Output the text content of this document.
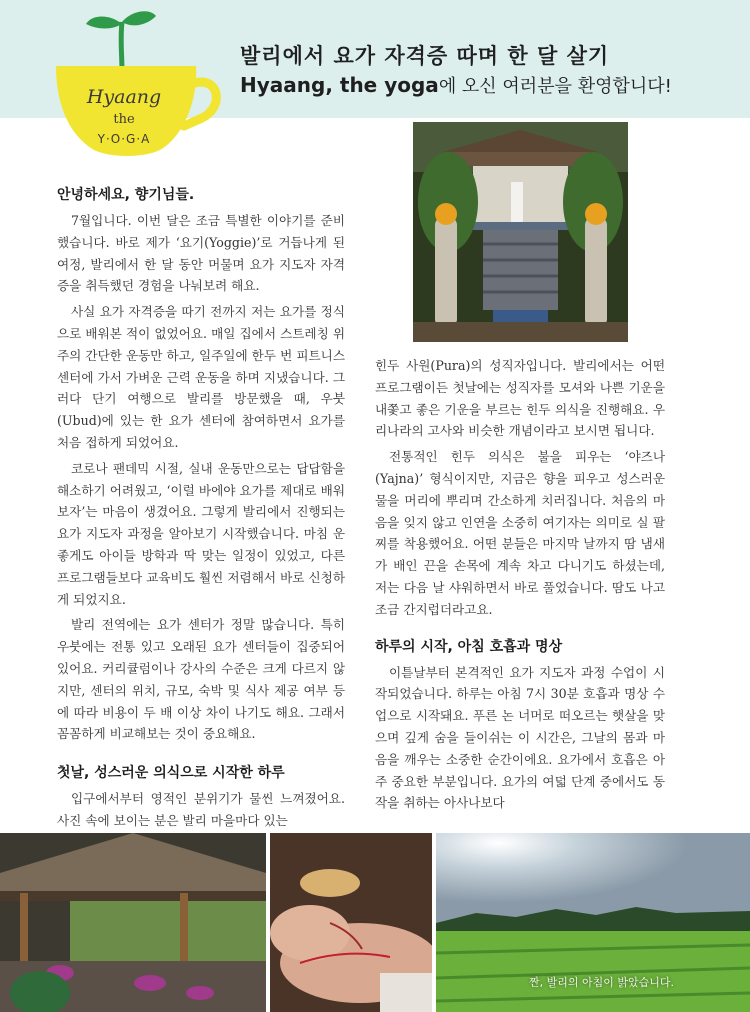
Hyaang
the
Y·O·G·A
발리에서 요가 자격증 따며 한 달 살기
Hyaang, the yoga에 오신 여러분을 환영합니다!
안녕하세요, 향기님들.

7월입니다. 이번 달은 조금 특별한 이야기를 준비했습니다. 바로 제가 ‘요기(Yoggie)’로 거듭나게 된 여정, 발리에서 한 달 동안 머물며 요가 지도자 자격증을 취득했던 경험을 나눠보려 해요.

사실 요가 자격증을 따기 전까지 저는 요가를 정식으로 배워본 적이 없었어요. 매일 집에서 스트레칭 위주의 간단한 운동만 하고, 일주일에 한두 번 피트니스 센터에 가서 가벼운 근력 운동을 하며 지냈습니다. 그러다 단기 여행으로 발리를 방문했을 때, 우붓(Ubud)에 있는 한 요가 센터에 참여하면서 요가를 처음 접하게 되었어요.

코로나 팬데믹 시절, 실내 운동만으로는 답답함을 해소하기 어려웠고, ‘이럴 바에야 요가를 제대로 배워보자’는 마음이 생겼어요. 그렇게 발리에서 진행되는 요가 지도자 과정을 알아보기 시작했습니다. 마침 운 좋게도 아이들 방학과 딱 맞는 일정이 있었고, 다른 프로그램들보다 교육비도 훨씬 저렴해서 바로 신청하게 되었지요.

발리 전역에는 요가 센터가 정말 많습니다. 특히 우붓에는 전통 있고 오래된 요가 센터들이 집중되어 있어요. 커리큘럼이나 강사의 수준은 크게 다르지 않지만, 센터의 위치, 규모, 숙박 및 식사 제공 여부 등에 따라 비용이 두 배 이상 차이 나기도 해요. 그래서 꼼꼼하게 비교해보는 것이 중요해요.

첫날, 성스러운 의식으로 시작한 하루

입구에서부터 영적인 분위기가 물씬 느껴졌어요. 사진 속에 보이는 분은 발리 마을마다 있는

힌두 사원(Pura)의 성직자입니다. 발리에서는 어떤 프로그램이든 첫날에는 성직자를 모셔와 나쁜 기운을 내쫓고 좋은 기운을 부르는 힌두 의식을 진행해요. 우리나라의 고사와 비슷한 개념이라고 보시면 됩니다.

전통적인 힌두 의식은 불을 피우는 ‘야즈나(Yajna)’ 형식이지만, 지금은 향을 피우고 성스러운 물을 머리에 뿌리며 간소하게 치러집니다. 처음의 마음을 잊지 않고 인연을 소중히 여기자는 의미로 실 팔찌를 착용했어요. 어떤 분들은 마지막 날까지 땀 냄새가 배인 끈을 손목에 계속 차고 다니기도 하셨는데, 저는 다음 날 샤워하면서 바로 풀었습니다. 땀도 나고 조금 간지럽더라고요.

하루의 시작, 아침 호흡과 명상

이튿날부터 본격적인 요가 지도자 과정 수업이 시작되었습니다. 하루는 아침 7시 30분 호흡과 명상 수업으로 시작돼요. 푸른 논 너머로 떠오르는 햇살을 맞으며 깊게 숨을 들이쉬는 이 시간은, 그날의 몸과 마음을 깨우는 소중한 순간이에요. 요가에서 호흡은 아주 중요한 부분입니다. 요가의 여덟 단계 중에서도 동작을 취하는 아사나보다

짠, 발리의 아침이 밝았습니다.
